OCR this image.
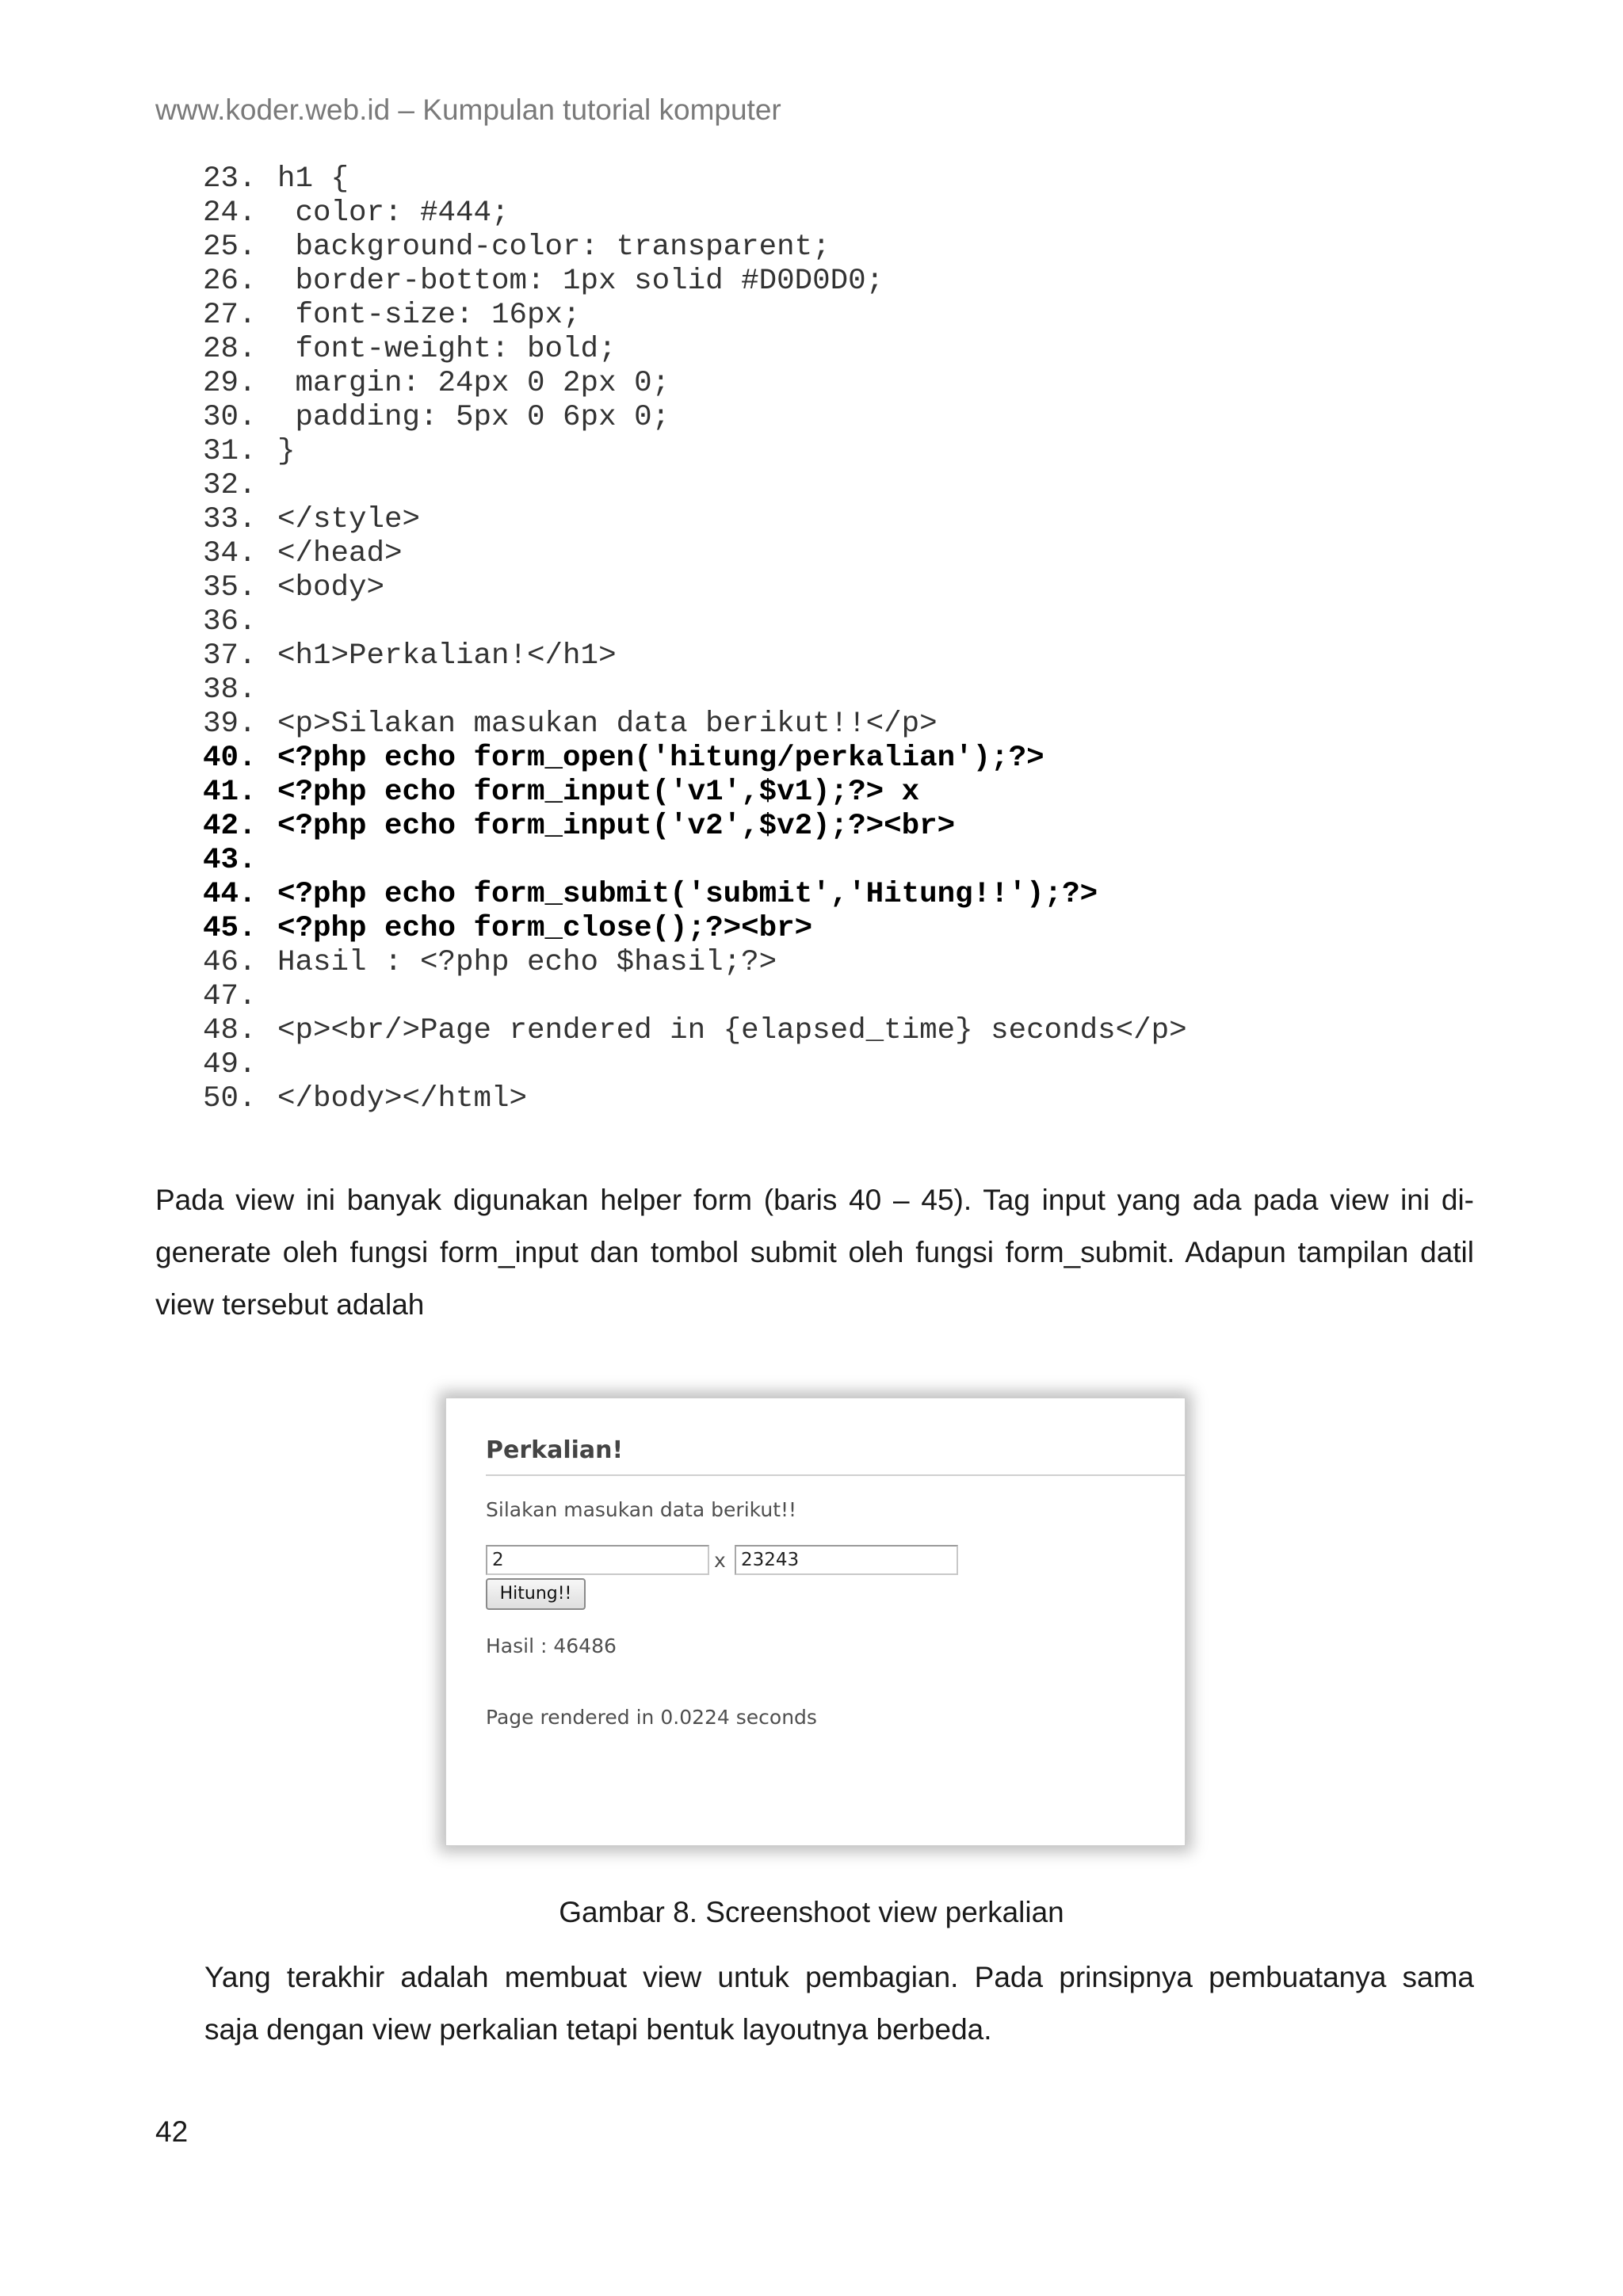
www.koder.web.id – Kumpulan tutorial komputer
23. h1 {
24. color: #444;
25. background-color: transparent;
26. border-bottom: 1px solid #D0D0D0;
27. font-size: 16px;
28. font-weight: bold;
29. margin: 24px 0 2px 0;
30. padding: 5px 0 6px 0;
31. }
32.
33. </style>
34. </head>
35. <body>
36.
37. <h1>Perkalian!</h1>
38.
39. <p>Silakan masukan data berikut!!</p>
40. <?php echo form_open('hitung/perkalian');?>
41. <?php echo form_input('v1',$v1);?> x
42. <?php echo form_input('v2',$v2);?><br>
43.
44. <?php echo form_submit('submit','Hitung!!');?>
45. <?php echo form_close();?><br>
46. Hasil : <?php echo $hasil;?>
47.
48. <p><br/>Page rendered in {elapsed_time} seconds</p>
49.
50. </body></html>
Pada view ini banyak digunakan helper form (baris 40 – 45). Tag input yang ada pada view ini di-
generate oleh fungsi form_input dan tombol submit oleh fungsi form_submit. Adapun tampilan datil
view tersebut adalah
Perkalian!
Silakan masukan data berikut!!
2	x 23243
Hitung!!
Hasil : 46486
Page rendered in 0.0224 seconds
Gambar 8. Screenshoot view perkalian
Yang terakhir adalah membuat view untuk pembagian. Pada prinsipnya pembuatanya sama
saja dengan view perkalian tetapi bentuk layoutnya berbeda.
42
